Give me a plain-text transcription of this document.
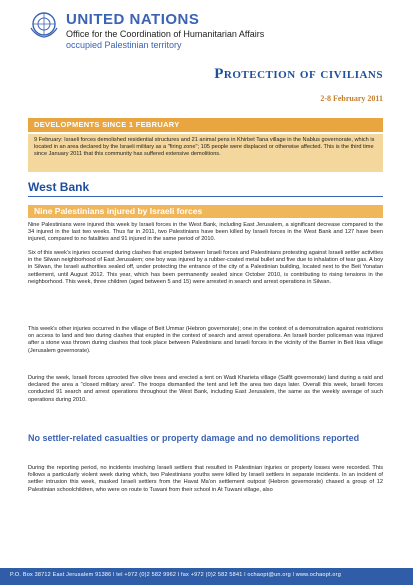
UNITED NATIONS
Office for the Coordination of Humanitarian Affairs
occupied Palestinian territory
Protection of civilians
2-8 February 2011
DEVELOPMENTS SINCE 1 FEBRUARY

9 February: Israeli forces demolished residential structures and 21 animal pens in Khirbet Tana village in the Nablus governorate, which is located in an area declared by the Israeli military as a "firing zone"; 105 people were displaced or otherwise affected. This is the third time since January 2011 that this community has suffered extensive demolitions.

West Bank
Nine Palestinians injured by Israeli forces

Nine Palestinians were injured this week by Israeli forces in the West Bank, including East Jerusalem, a significant decrease compared to the 34 injured in the last two weeks. Thus far in 2011, two Palestinians have been killed by Israeli forces in the West Bank and 127 have been injured, compared to no fatalities and 91 injured in the same period of 2010.

Six of this week's injuries occurred during clashes that erupted between Israeli forces and Palestinians protesting against Israeli settler activities in the Silwan neighborhood of East Jerusalem; one boy was injured by a rubber-coated metal bullet and five due to inhalation of tear gas. A boy in Silwan, the Israeli authorities sealed off, under protecting the entrance of the city of a Palestinian building, located next to the Beit Yonatan settlement, until August 2012. This year, which has been permanently sealed since October 2010, is contributing to rising tensions in the neighborhood. This week, three children (aged between 5 and 15) were arrested in search and arrest operations in Silwan.

This week's other injuries occurred in the village of Beit Ummar (Hebron governorate); one in the context of a demonstration against restrictions on access to land and two during clashes that erupted in the context of search and arrest operations. An Israeli border policeman was injured after a stone was thrown during clashes that took place between Palestinians and Israeli forces in the vicinity of the Barrier in Beit Iksa village (Jerusalem governorate).

During the week, Israeli forces uprooted five olive trees and erected a tent on Wadi Kharieta village (Salfit governorate) land during a raid and declared the area a "closed military area". The troops dismantled the tent and left the area two days later. Overall this week, Israeli forces conducted 91 search and arrest operations throughout the West Bank, including East Jerusalem, the same as the weekly average of such operations during 2010.

No settler-related casualties or property damage and no demolitions reported

During the reporting period, no incidents involving Israeli settlers that resulted in Palestinian injuries or property losses were recorded. This follows a particularly violent week during which, two Palestinians youths were killed by Israeli settlers in separate incidents. In an incident of settler intrusion this week, masked Israeli settlers from the Havat Ma'on settlement outpost (Hebron governorate) chased a group of 12 Palestinian schoolchildren, who were on route to Tuwani from their school in At Tuwani village, also

P.O. Box 38712 East Jerusalem 91386 l tel +972 (0)2 582 9962 l fax +972 (0)2 582 5841 l ochaopt@un.org l www.ochaopt.org
